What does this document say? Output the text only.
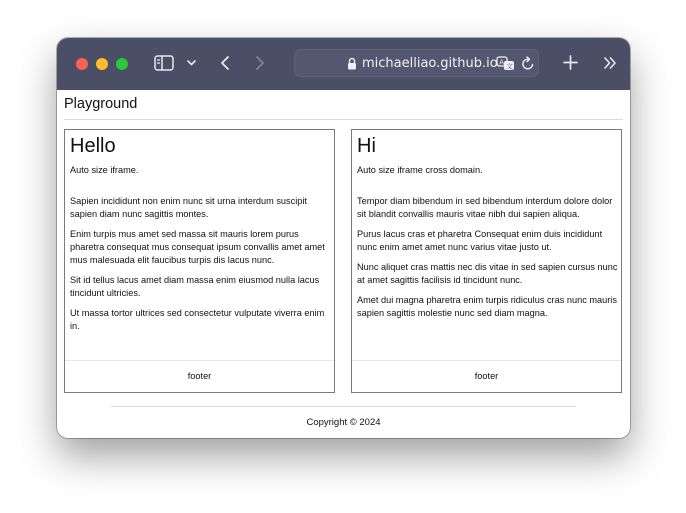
michaelliao.github.io A
文
Playground
Hello

Auto size iframe.

Sapien incididunt non enim nunc sit urna interdum suscipit sapien diam nunc sagittis montes.

Enim turpis mus amet sed massa sit mauris lorem purus pharetra consequat mus consequat ipsum convallis amet amet mus malesuada elit faucibus turpis dis lacus nunc.

Sit id tellus lacus amet diam massa enim eiusmod nulla lacus tincidunt ultricies.

Ut massa tortor ultrices sed consectetur vulputate viverra enim in.

footer
Hi

Auto size iframe cross domain.

Tempor diam bibendum in sed bibendum interdum dolore dolor sit blandit convallis mauris vitae nibh dui sapien aliqua.

Purus lacus cras et pharetra Consequat enim duis incididunt nunc enim amet amet nunc varius vitae justo ut.

Nunc aliquet cras mattis nec dis vitae in sed sapien cursus nunc at amet sagittis facilisis id tincidunt nunc.

Amet dui magna pharetra enim turpis ridiculus cras nunc mauris sapien sagittis molestie nunc sed diam magna.

footer
Copyright © 2024
